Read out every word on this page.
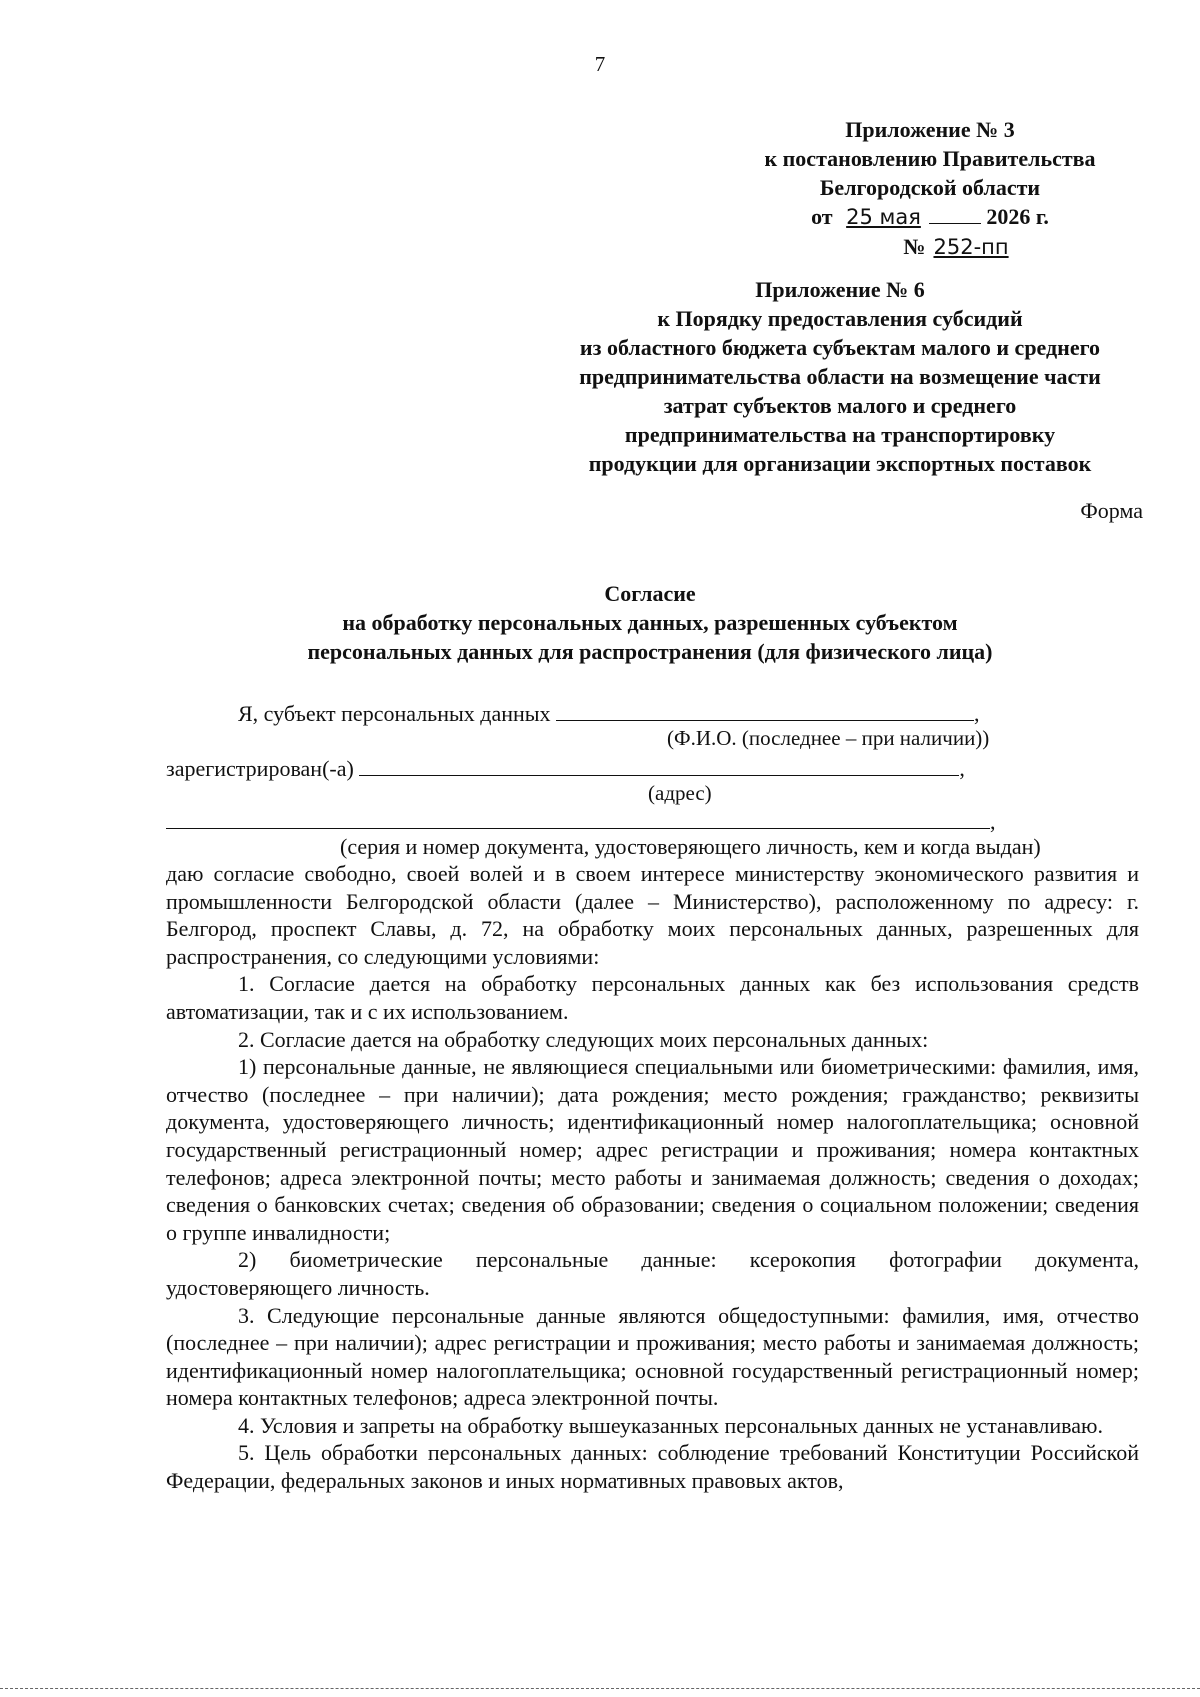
7
Приложение № 3
к постановлению Правительства
Белгородской области
от 25 мая	2026 г.
№ 252-пп
Приложение № 6
к Порядку предоставления субсидий
из областного бюджета субъектам малого и среднего
предпринимательства области на возмещение части
затрат субъектов малого и среднего
предпринимательства на транспортировку
продукции для организации экспортных поставок
Форма
Согласие
на обработку персональных данных, разрешенных субъектом
персональных данных для распространения (для физического лица)
Я, субъект персональных данных	,
(Ф.И.О. (последнее – при наличии))
зарегистрирован(-а)	,
(адрес)
,
(серия и номер документа, удостоверяющего личность, кем и когда выдан)

даю согласие свободно, своей волей и в своем интересе министерству экономического развития и промышленности Белгородской области (далее – Министерство), расположенному по адресу: г. Белгород, проспект Славы, д. 72, на обработку моих персональных данных, разрешенных для распространения, со следующими условиями:

1. Согласие дается на обработку персональных данных как без использования средств автоматизации, так и с их использованием.

2. Согласие дается на обработку следующих моих персональных данных:

1) персональные данные, не являющиеся специальными или биометрическими: фамилия, имя, отчество (последнее – при наличии); дата рождения; место рождения; гражданство; реквизиты документа, удостоверяющего личность; идентификационный номер налогоплательщика; основной государственный регистрационный номер; адрес регистрации и проживания; номера контактных телефонов; адреса электронной почты; место работы и занимаемая должность; сведения о доходах; сведения о банковских счетах; сведения об образовании; сведения о социальном положении; сведения о группе инвалидности;

2) биометрические персональные данные: ксерокопия фотографии документа, удостоверяющего личность.

3. Следующие персональные данные являются общедоступными: фамилия, имя, отчество (последнее – при наличии); адрес регистрации и проживания; место работы и занимаемая должность; идентификационный номер налогоплательщика; основной государственный регистрационный номер; номера контактных телефонов; адреса электронной почты.

4. Условия и запреты на обработку вышеуказанных персональных данных не устанавливаю.

5. Цель обработки персональных данных: соблюдение требований Конституции Российской Федерации, федеральных законов и иных нормативных правовых актов,
